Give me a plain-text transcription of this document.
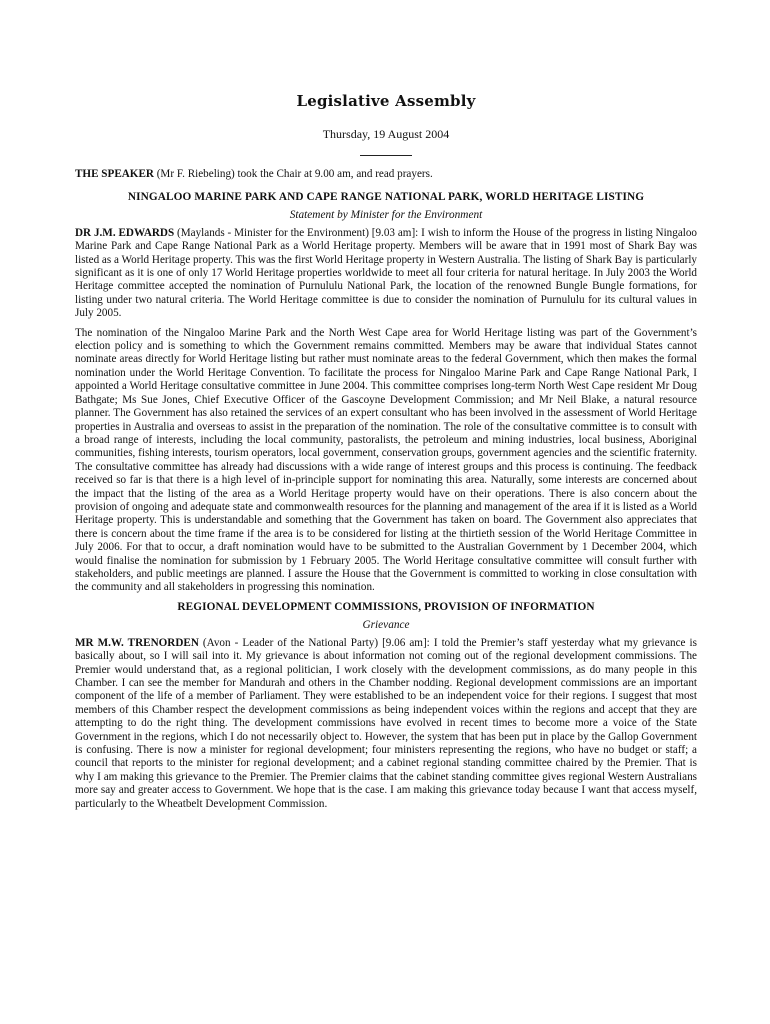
Legislative Assembly

Thursday, 19 August 2004

THE SPEAKER (Mr F. Riebeling) took the Chair at 9.00 am, and read prayers.

NINGALOO MARINE PARK AND CAPE RANGE NATIONAL PARK, WORLD HERITAGE LISTING
Statement by Minister for the Environment

DR J.M. EDWARDS (Maylands - Minister for the Environment) [9.03 am]: I wish to inform the House of the progress in listing Ningaloo Marine Park and Cape Range National Park as a World Heritage property. Members will be aware that in 1991 most of Shark Bay was listed as a World Heritage property. This was the first World Heritage property in Western Australia. The listing of Shark Bay is particularly significant as it is one of only 17 World Heritage properties worldwide to meet all four criteria for natural heritage. In July 2003 the World Heritage committee accepted the nomination of Purnululu National Park, the location of the renowned Bungle Bungle formations, for listing under two natural criteria. The World Heritage committee is due to consider the nomination of Purnululu for its cultural values in July 2005.

The nomination of the Ningaloo Marine Park and the North West Cape area for World Heritage listing was part of the Government’s election policy and is something to which the Government remains committed. Members may be aware that individual States cannot nominate areas directly for World Heritage listing but rather must nominate areas to the federal Government, which then makes the formal nomination under the World Heritage Convention. To facilitate the process for Ningaloo Marine Park and Cape Range National Park, I appointed a World Heritage consultative committee in June 2004. This committee comprises long-term North West Cape resident Mr Doug Bathgate; Ms Sue Jones, Chief Executive Officer of the Gascoyne Development Commission; and Mr Neil Blake, a natural resource planner. The Government has also retained the services of an expert consultant who has been involved in the assessment of World Heritage properties in Australia and overseas to assist in the preparation of the nomination. The role of the consultative committee is to consult with a broad range of interests, including the local community, pastoralists, the petroleum and mining industries, local business, Aboriginal communities, fishing interests, tourism operators, local government, conservation groups, government agencies and the scientific fraternity. The consultative committee has already had discussions with a wide range of interest groups and this process is continuing. The feedback received so far is that there is a high level of in-principle support for nominating this area. Naturally, some interests are concerned about the impact that the listing of the area as a World Heritage property would have on their operations. There is also concern about the provision of ongoing and adequate state and commonwealth resources for the planning and management of the area if it is listed as a World Heritage property. This is understandable and something that the Government has taken on board. The Government also appreciates that there is concern about the time frame if the area is to be considered for listing at the thirtieth session of the World Heritage Committee in July 2006. For that to occur, a draft nomination would have to be submitted to the Australian Government by 1 December 2004, which would finalise the nomination for submission by 1 February 2005. The World Heritage consultative committee will consult further with stakeholders, and public meetings are planned. I assure the House that the Government is committed to working in close consultation with the community and all stakeholders in progressing this nomination.

REGIONAL DEVELOPMENT COMMISSIONS, PROVISION OF INFORMATION
Grievance

MR M.W. TRENORDEN (Avon - Leader of the National Party) [9.06 am]: I told the Premier’s staff yesterday what my grievance is basically about, so I will sail into it. My grievance is about information not coming out of the regional development commissions. The Premier would understand that, as a regional politician, I work closely with the development commissions, as do many people in this Chamber. I can see the member for Mandurah and others in the Chamber nodding. Regional development commissions are an important component of the life of a member of Parliament. They were established to be an independent voice for their regions. I suggest that most members of this Chamber respect the development commissions as being independent voices within the regions and accept that they are attempting to do the right thing. The development commissions have evolved in recent times to become more a voice of the State Government in the regions, which I do not necessarily object to. However, the system that has been put in place by the Gallop Government is confusing. There is now a minister for regional development; four ministers representing the regions, who have no budget or staff; a council that reports to the minister for regional development; and a cabinet regional standing committee chaired by the Premier. That is why I am making this grievance to the Premier. The Premier claims that the cabinet standing committee gives regional Western Australians more say and greater access to Government. We hope that is the case. I am making this grievance today because I want that access myself, particularly to the Wheatbelt Development Commission.
